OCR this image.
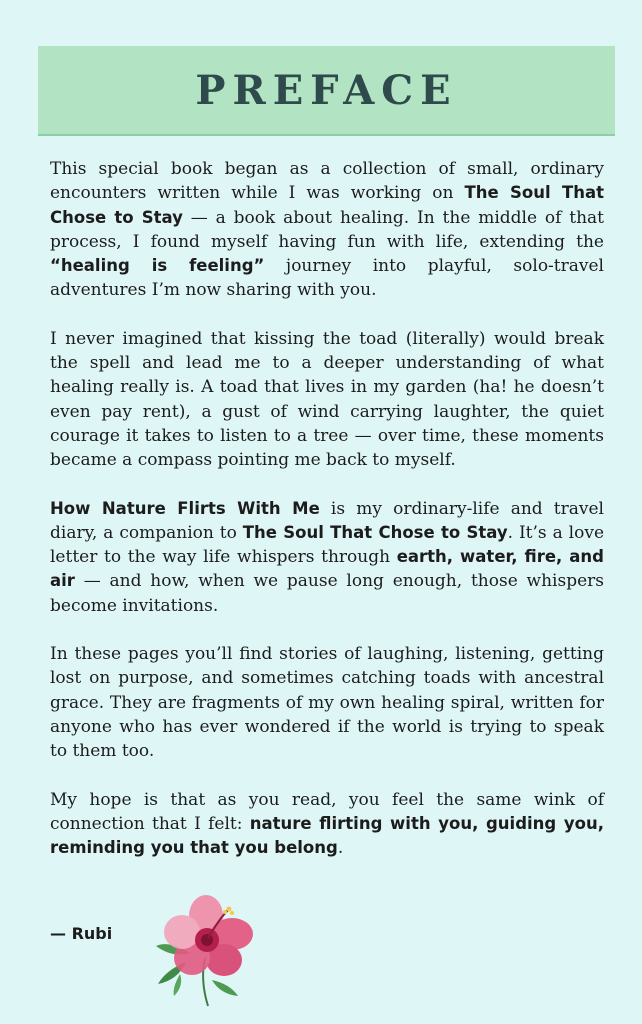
PREFACE

This special book began as a collection of small, ordinary encounters written while I was working on The Soul That Chose to Stay — a book about healing. In the middle of that process, I found myself having fun with life, extending the “healing is feeling” journey into playful, solo-travel adventures I’m now sharing with you.

I never imagined that kissing the toad (literally) would break the spell and lead me to a deeper understanding of what healing really is. A toad that lives in my garden (ha! he doesn’t even pay rent), a gust of wind carrying laughter, the quiet courage it takes to listen to a tree — over time, these moments became a compass pointing me back to myself.

How Nature Flirts With Me is my ordinary-life and travel diary, a companion to The Soul That Chose to Stay. It’s a love letter to the way life whispers through earth, water, fire, and air — and how, when we pause long enough, those whispers become invitations.

In these pages you’ll find stories of laughing, listening, getting lost on purpose, and sometimes catching toads with ancestral grace. They are fragments of my own healing spiral, written for anyone who has ever wondered if the world is trying to speak to them too.

My hope is that as you read, you feel the same wink of connection that I felt: nature flirting with you, guiding you, reminding you that you belong.

— Rubi
